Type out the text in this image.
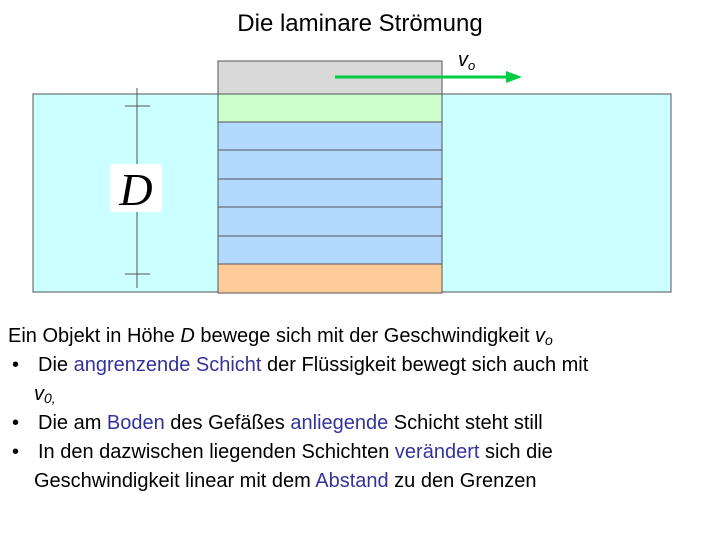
Die laminare Strömung
D
$v_o$
Ein Objekt in Höhe D bewege sich mit der Geschwindigkeit $v_o$
• Die angrenzende Schicht der Flüssigkeit bewegt sich auch mit
$v_{0,}$
• Die am Boden des Gefäßes anliegende Schicht steht still
• In den dazwischen liegenden Schichten verändert sich die
Geschwindigkeit linear mit dem Abstand zu den Grenzen
